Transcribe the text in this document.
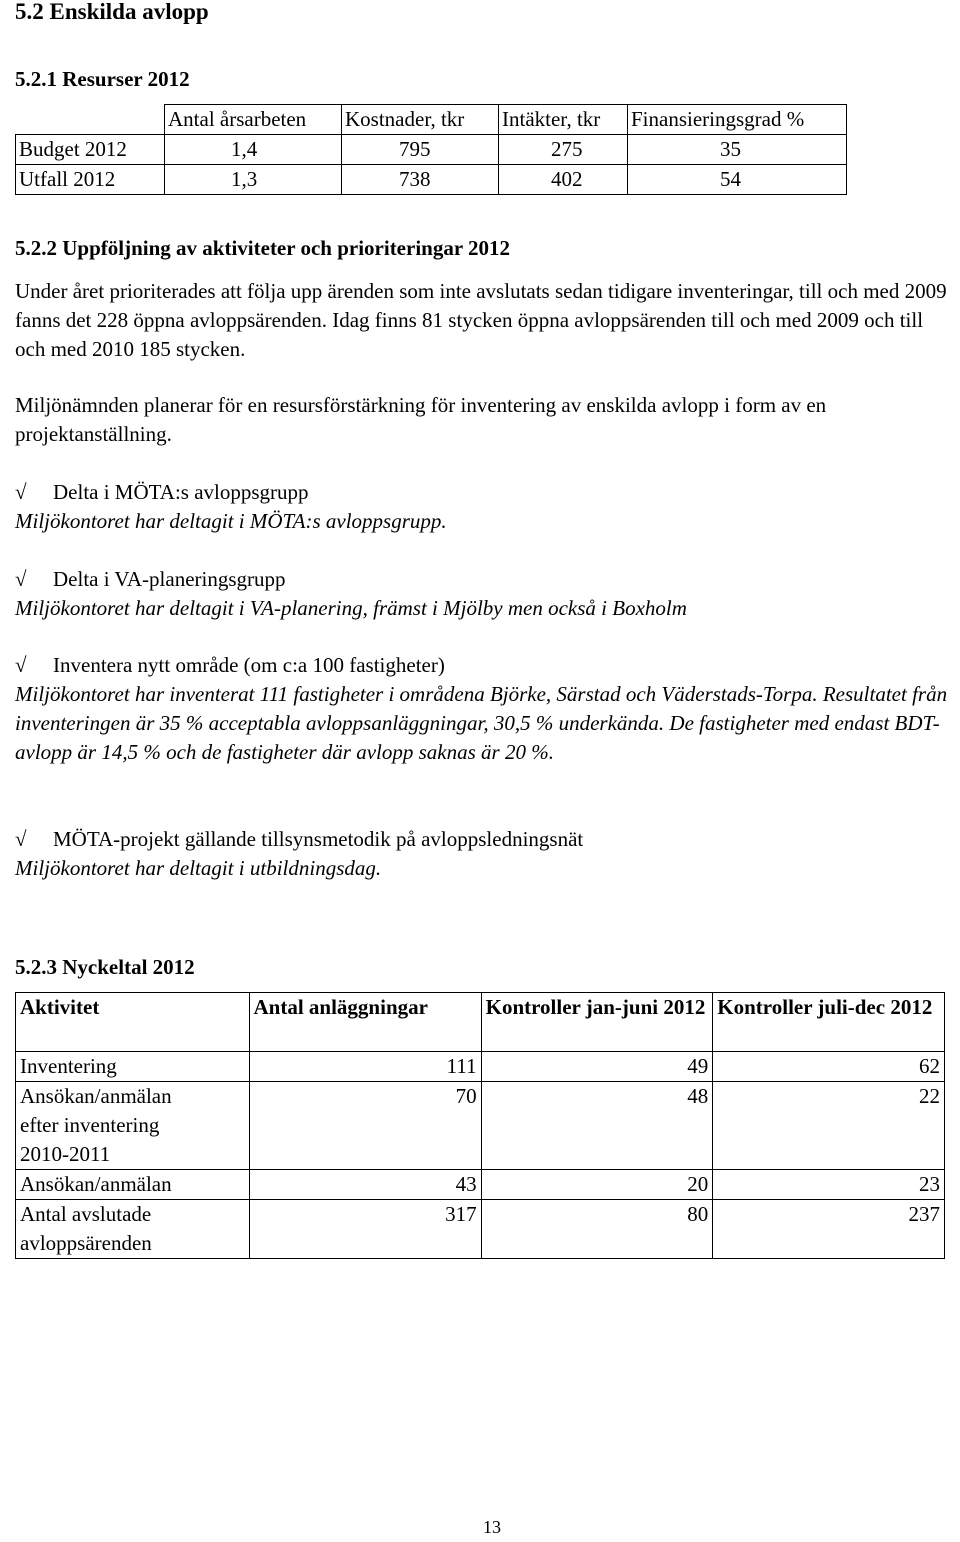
5.2 Enskilda avlopp
5.2.1 Resurser 2012
	Antal årsarbeten	Kostnader, tkr	Intäkter, tkr	Finansieringsgrad %
Budget 2012	1,4	795	275	35
Utfall 2012	1,3	738	402	54
5.2.2 Uppföljning av aktiviteter och prioriteringar 2012

Under året prioriterades att följa upp ärenden som inte avslutats sedan tidigare inventeringar, till och med 2009 fanns det 228 öppna avloppsärenden. Idag finns 81 stycken öppna avloppsärenden till och med 2009 och till och med 2010 185 stycken.

Miljönämnden planerar för en resursförstärkning för inventering av enskilda avlopp i form av en projektanställning.

√ Delta i MÖTA:s avloppsgrupp
Miljökontoret har deltagit i MÖTA:s avloppsgrupp.
√ Delta i VA-planeringsgrupp
Miljökontoret har deltagit i VA-planering, främst i Mjölby men också i Boxholm
√ Inventera nytt område (om c:a 100 fastigheter)
Miljökontoret har inventerat 111 fastigheter i områdena Björke, Särstad och Väderstads-Torpa. Resultatet från inventeringen är 35 % acceptabla avloppsanläggningar, 30,5 % underkända. De fastigheter med endast BDT-avlopp är 14,5 % och de fastigheter där avlopp saknas är 20 %.
√ MÖTA-projekt gällande tillsynsmetodik på avloppsledningsnät
Miljökontoret har deltagit i utbildningsdag.
5.2.3 Nyckeltal 2012
Aktivitet	Antal anläggningar	Kontroller jan-juni 2012	Kontroller juli-dec 2012
Inventering	111	49	62
Ansökan/anmälan efter inventering 2010-2011	70	48	22
Ansökan/anmälan	43	20	23
Antal avslutade avloppsärenden	317	80	237
13
